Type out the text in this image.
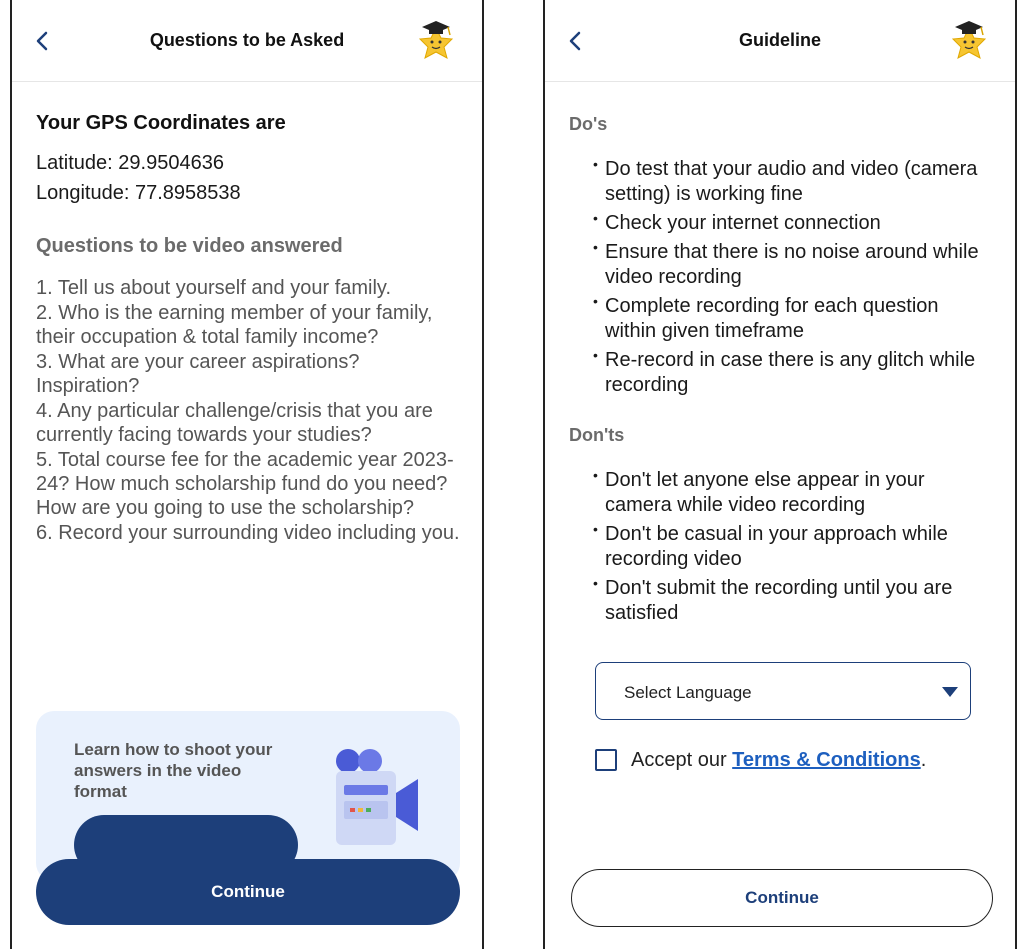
Questions to be Asked
Your GPS Coordinates are
Latitude: 29.9504636
Longitude: 77.8958538
Questions to be video answered
1. Tell us about yourself and your family.
2. Who is the earning member of your family, their occupation & total family income?
3. What are your career aspirations? Inspiration?
4. Any particular challenge/crisis that you are currently facing towards your studies?
5. Total course fee for the academic year 2023-24? How much scholarship fund do you need? How are you going to use the scholarship?
6. Record your surrounding video including you.
Learn how to shoot your answers in the video format
Continue
Guideline
Do's
• Do test that your audio and video (camera setting) is working fine
• Check your internet connection
• Ensure that there is no noise around while video recording
• Complete recording for each question within given timeframe
• Re-record in case there is any glitch while recording
Don'ts
• Don't let anyone else appear in your camera while video recording
• Don't be casual in your approach while recording video
• Don't submit the recording until you are satisfied
Select Language
Accept our Terms & Conditions.
Continue
